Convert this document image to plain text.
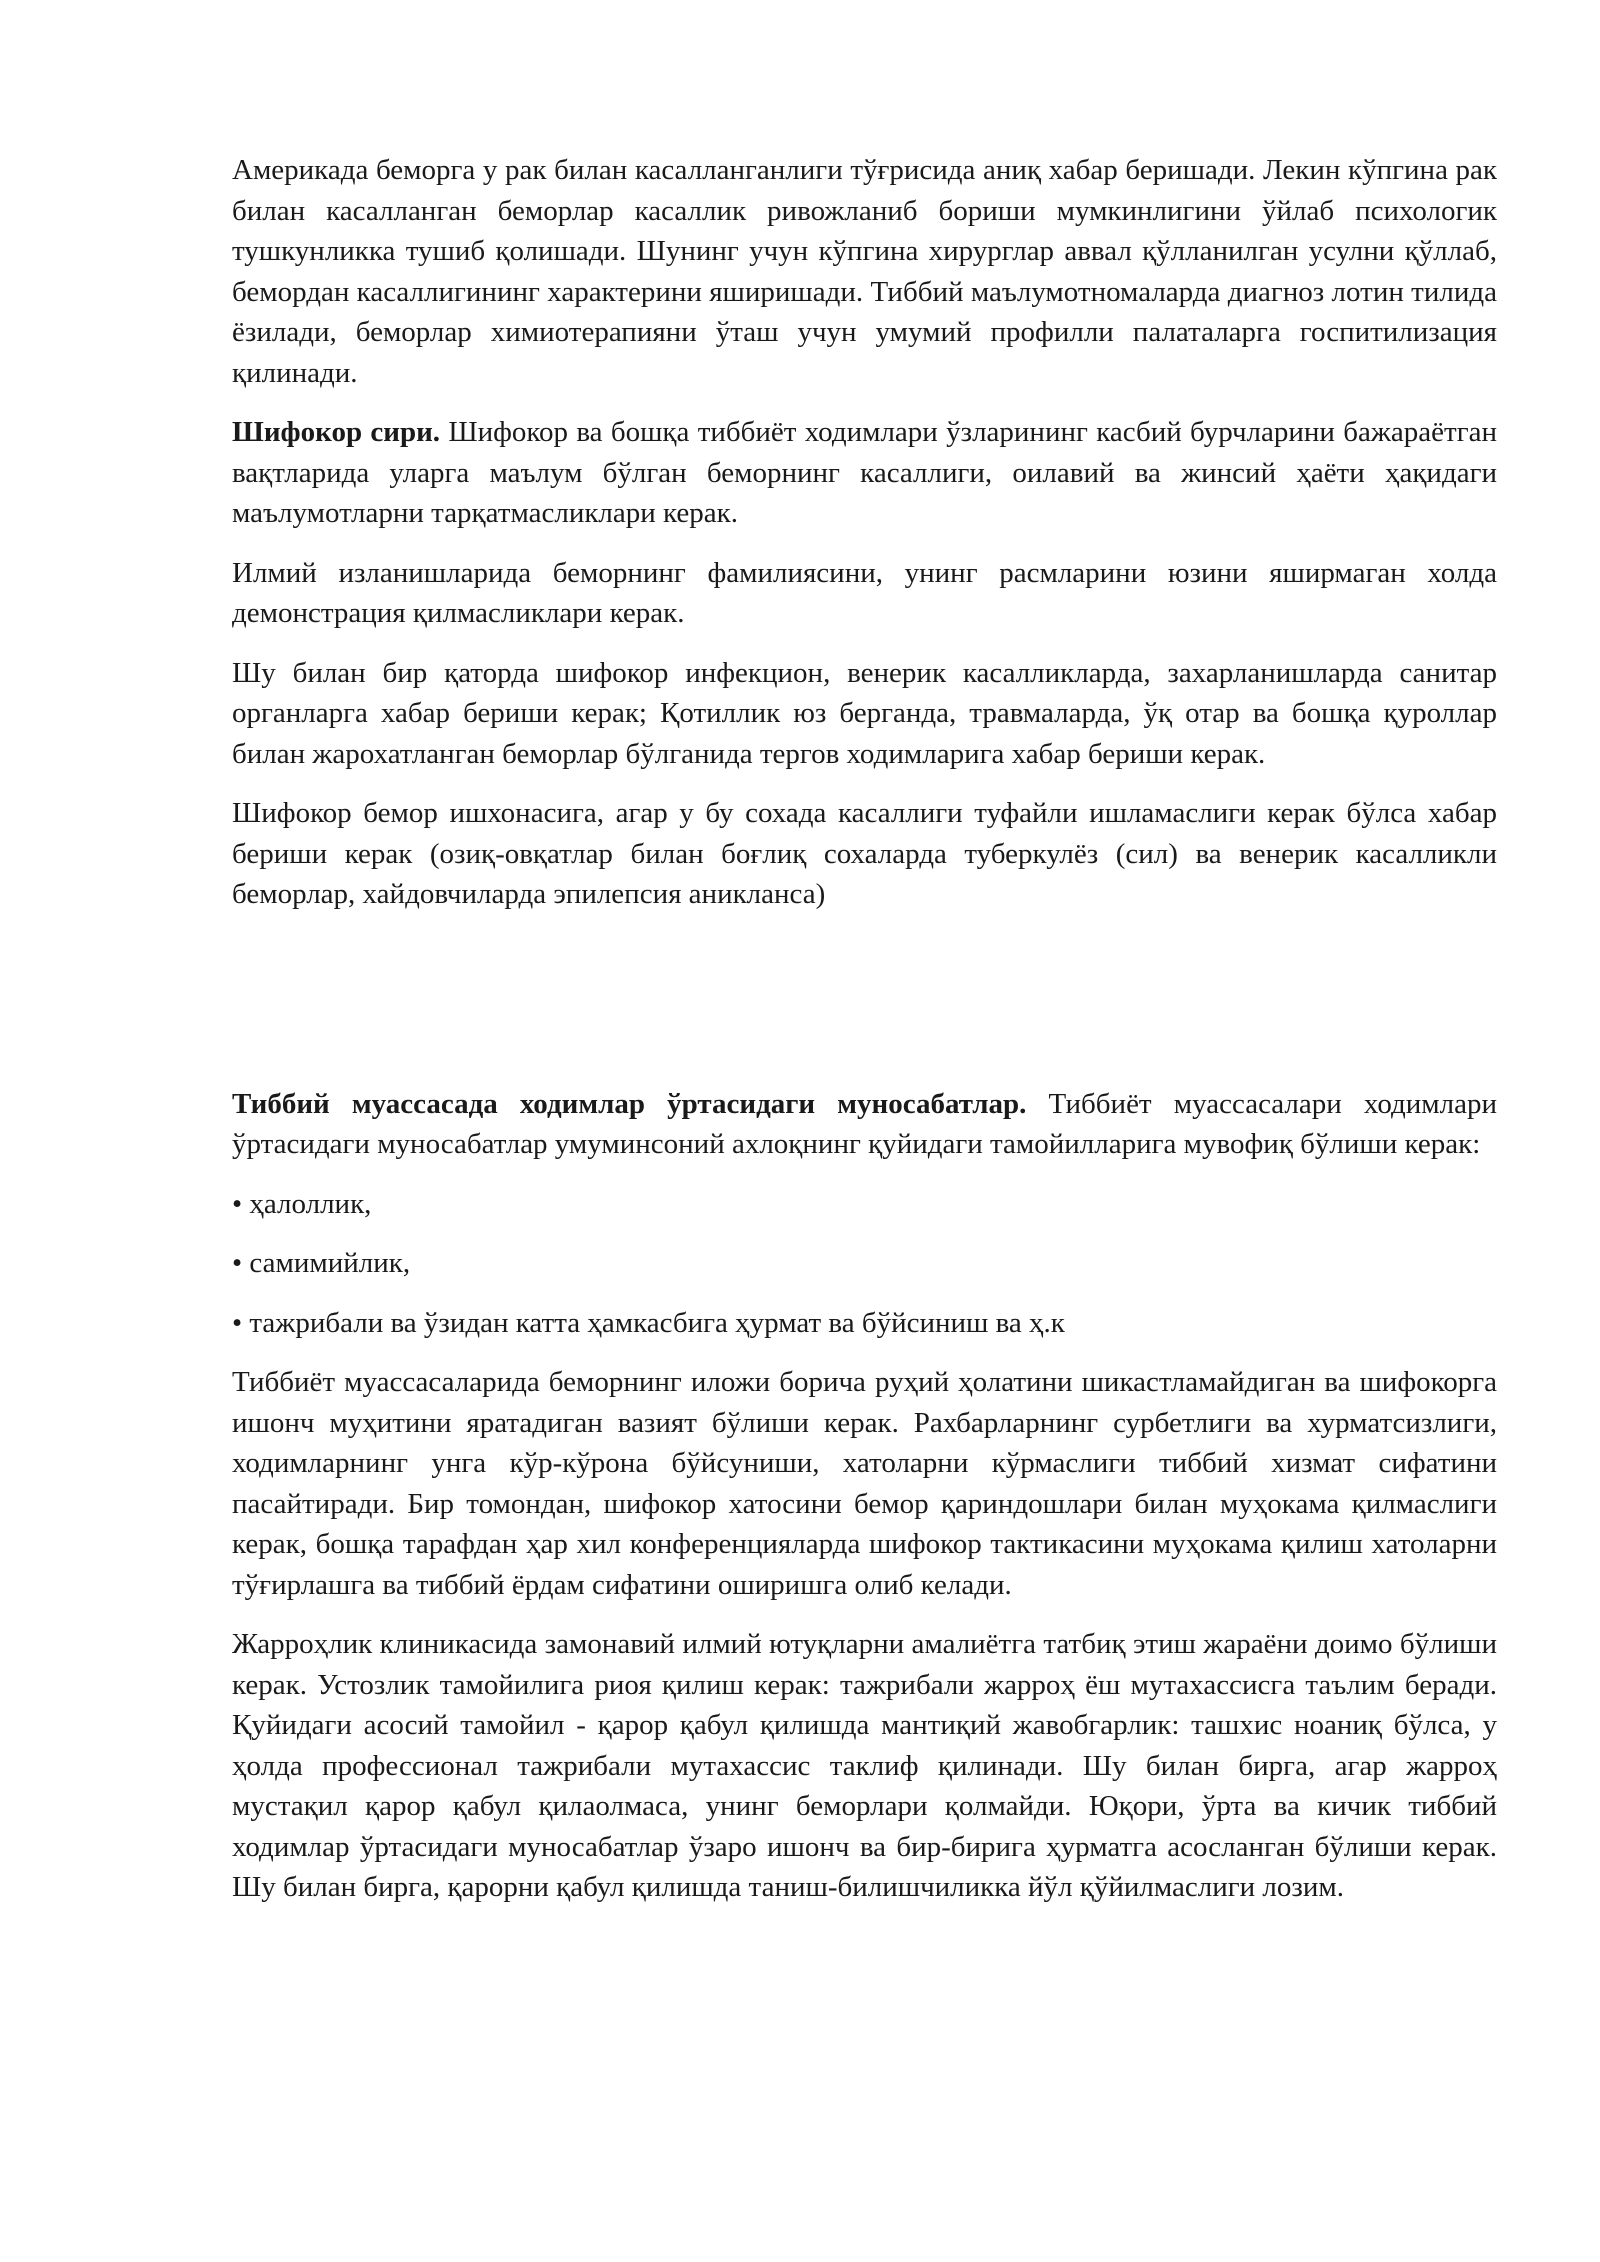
Америкада беморга у рак билан касалланганлиги тўғрисида аниқ хабар беришади. Лекин кўпгина рак билан касалланган беморлар касаллик ривожланиб бориши мумкинлигини ўйлаб психологик тушкунликка тушиб қолишади. Шунинг учун кўпгина хирурглар аввал қўлланилган усулни қўллаб, бемордан касаллигининг характерини яширишади. Тиббий маълумотномаларда диагноз лотин тилида ёзилади, беморлар химиотерапияни ўташ учун умумий профилли палаталарга госпитилизация қилинади.

Шифокор сири. Шифокор ва бошқа тиббиёт ходимлари ўзларининг касбий бурчларини бажараётган вақтларида уларга маълум бўлган беморнинг касаллиги, оилавий ва жинсий ҳаёти ҳақидаги маълумотларни тарқатмасликлари керак.

Илмий изланишларида беморнинг фамилиясини, унинг расмларини юзини яширмаган холда демонстрация қилмасликлари керак.

Шу билан бир қаторда шифокор инфекцион, венерик касалликларда, захарланишларда санитар органларга хабар бериши керак; Қотиллик юз берганда, травмаларда, ўқ отар ва бошқа қуроллар билан жарохатланган беморлар бўлганида тергов ходимларига хабар бериши керак.

Шифокор бемор ишхонасига, агар у бу сохада касаллиги туфайли ишламаслиги керак бўлса хабар бериши керак (озиқ-овқатлар билан боғлиқ сохаларда туберкулёз (сил) ва венерик касалликли беморлар, хайдовчиларда эпилепсия аникланса)

Тиббий муассасада ходимлар ўртасидаги муносабатлар. Тиббиёт муассасалари ходимлари ўртасидаги муносабатлар умуминсоний ахлоқнинг қуйидаги тамойилларига мувофиқ бўлиши керак:

• ҳалоллик,

• самимийлик,

• тажрибали ва ўзидан катта ҳамкасбига ҳурмат ва бўйсиниш ва ҳ.к

Тиббиёт муассасаларида беморнинг иложи борича руҳий ҳолатини шикастламайдиган ва шифокорга ишонч муҳитини яратадиган вазият бўлиши керак. Рахбарларнинг сурбетлиги ва хурматсизлиги, ходимларнинг унга кўр-кўрона бўйсуниши, хатоларни кўрмаслиги тиббий хизмат сифатини пасайтиради. Бир томондан, шифокор хатосини бемор қариндошлари билан муҳокама қилмаслиги керак, бошқа тарафдан ҳар хил конференцияларда шифокор тактикасини муҳокама қилиш хатоларни тўғирлашга ва тиббий ёрдам сифатини оширишга олиб келади.

Жарроҳлик клиникасида замонавий илмий ютуқларни амалиётга татбиқ этиш жараёни доимо бўлиши керак. Устозлик тамойилига риоя қилиш керак: тажрибали жарроҳ ёш мутахассисга таълим беради. Қуйидаги асосий тамойил - қарор қабул қилишда мантиқий жавобгарлик: ташхис ноаниқ бўлса, у ҳолда профессионал тажрибали мутахассис таклиф қилинади. Шу билан бирга, агар жарроҳ мустақил қарор қабул қилаолмаса, унинг беморлари қолмайди. Юқори, ўрта ва кичик тиббий ходимлар ўртасидаги муносабатлар ўзаро ишонч ва бир-бирига ҳурматга асосланган бўлиши керак. Шу билан бирга, қарорни қабул қилишда таниш-билишчиликка йўл қўйилмаслиги лозим.
